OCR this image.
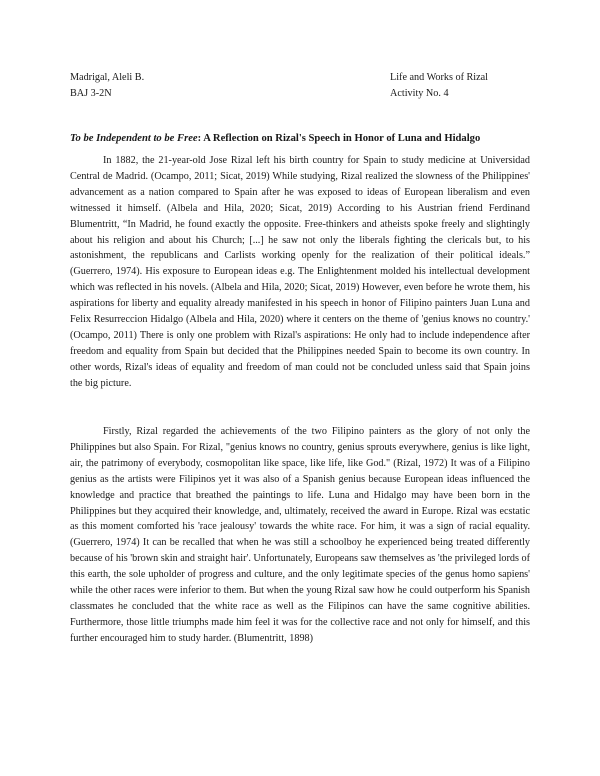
Madrigal, Aleli B.	Life and Works of Rizal
BAJ 3-2N	Activity No. 4
To be Independent to be Free: A Reflection on Rizal's Speech in Honor of Luna and Hidalgo

In 1882, the 21-year-old Jose Rizal left his birth country for Spain to study medicine at Universidad Central de Madrid. (Ocampo, 2011; Sicat, 2019) While studying, Rizal realized the slowness of the Philippines' advancement as a nation compared to Spain after he was exposed to ideas of European liberalism and even witnessed it himself. (Albela and Hila, 2020; Sicat, 2019) According to his Austrian friend Ferdinand Blumentritt, “In Madrid, he found exactly the opposite. Free-thinkers and atheists spoke freely and slightingly about his religion and about his Church; [...] he saw not only the liberals fighting the clericals but, to his astonishment, the republicans and Carlists working openly for the realization of their political ideals.” (Guerrero, 1974). His exposure to European ideas e.g. The Enlightenment molded his intellectual development which was reflected in his novels. (Albela and Hila, 2020; Sicat, 2019) However, even before he wrote them, his aspirations for liberty and equality already manifested in his speech in honor of Filipino painters Juan Luna and Felix Resurreccion Hidalgo (Albela and Hila, 2020) where it centers on the theme of 'genius knows no country.' (Ocampo, 2011) There is only one problem with Rizal's aspirations: He only had to include independence after freedom and equality from Spain but decided that the Philippines needed Spain to become its own country. In other words, Rizal's ideas of equality and freedom of man could not be concluded unless said that Spain joins the big picture.

Firstly, Rizal regarded the achievements of the two Filipino painters as the glory of not only the Philippines but also Spain. For Rizal, "genius knows no country, genius sprouts everywhere, genius is like light, air, the patrimony of everybody, cosmopolitan like space, like life, like God." (Rizal, 1972) It was of a Filipino genius as the artists were Filipinos yet it was also of a Spanish genius because European ideas influenced the knowledge and practice that breathed the paintings to life. Luna and Hidalgo may have been born in the Philippines but they acquired their knowledge, and, ultimately, received the award in Europe. Rizal was ecstatic as this moment comforted his 'race jealousy' towards the white race. For him, it was a sign of racial equality. (Guerrero, 1974) It can be recalled that when he was still a schoolboy he experienced being treated differently because of his 'brown skin and straight hair'. Unfortunately, Europeans saw themselves as 'the privileged lords of this earth, the sole upholder of progress and culture, and the only legitimate species of the genus homo sapiens' while the other races were inferior to them. But when the young Rizal saw how he could outperform his Spanish classmates he concluded that the white race as well as the Filipinos can have the same cognitive abilities. Furthermore, those little triumphs made him feel it was for the collective race and not only for himself, and this further encouraged him to study harder. (Blumentritt, 1898)
